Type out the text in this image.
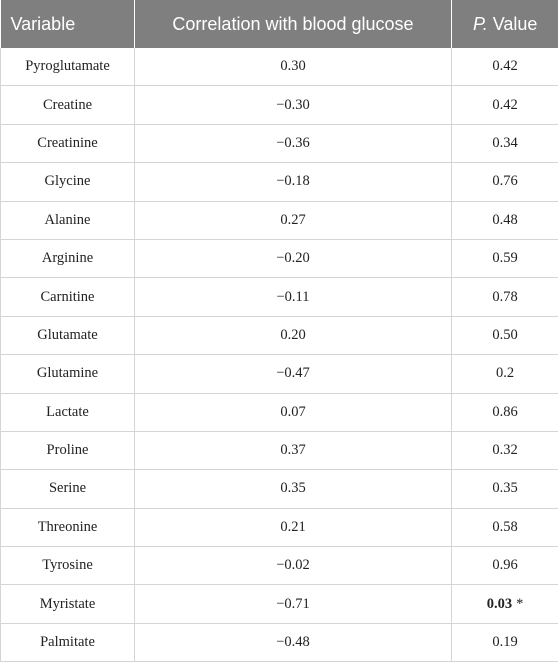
Variable	Correlation with blood glucose	P. Value
Pyroglutamate	0.30	0.42
Creatine	−0.30	0.42
Creatinine	−0.36	0.34
Glycine	−0.18	0.76
Alanine	0.27	0.48
Arginine	−0.20	0.59
Carnitine	−0.11	0.78
Glutamate	0.20	0.50
Glutamine	−0.47	0.2
Lactate	0.07	0.86
Proline	0.37	0.32
Serine	0.35	0.35
Threonine	0.21	0.58
Tyrosine	−0.02	0.96
Myristate	−0.71	0.03 *
Palmitate	−0.48	0.19
